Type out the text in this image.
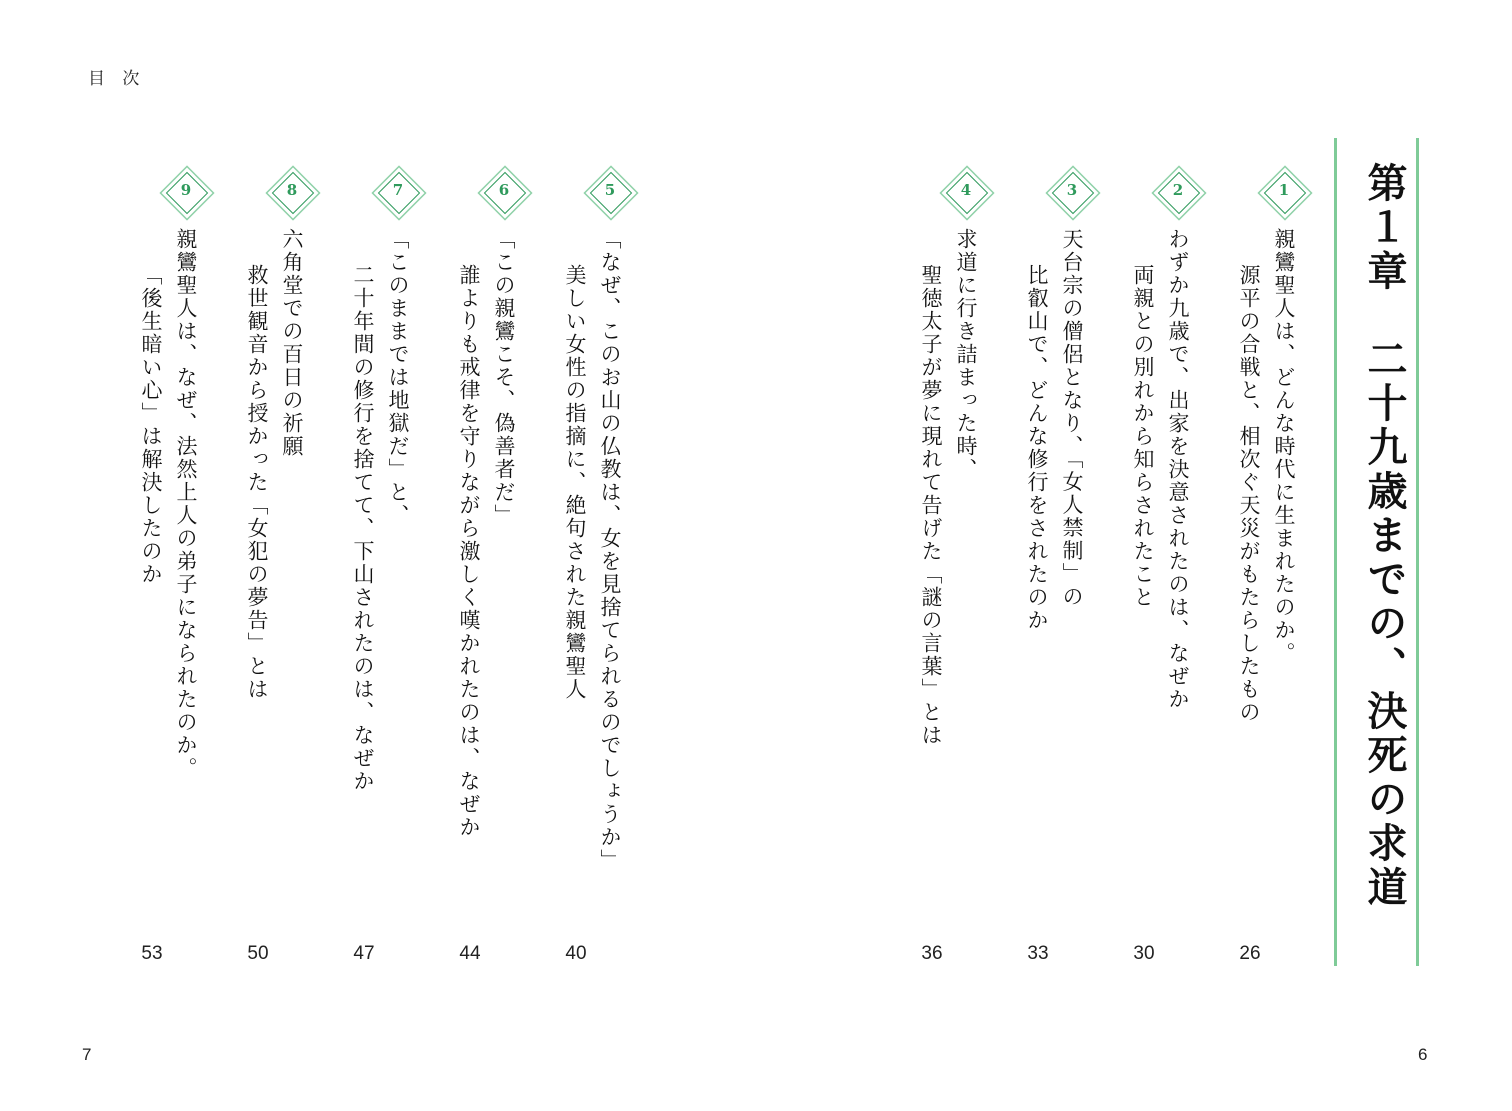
目 次
第１章　二十九歳までの、決死の求道
1
親鸞聖人は、どんな時代に生まれたのか。
源平の合戦と、相次ぐ天災がもたらしたもの
26
2
わずか九歳で、出家を決意されたのは、なぜか
両親との別れから知らされたこと
30
3
天台宗の僧侶となり、「女人禁制」の
比叡山で、どんな修行をされたのか
33
4
求道に行き詰まった時、
聖徳太子が夢に現れて告げた「謎の言葉」とは
36
5
「なぜ、このお山の仏教は、女を見捨てられるのでしょうか」
美しい女性の指摘に、絶句された親鸞聖人
40
6
「この親鸞こそ、偽善者だ」
誰よりも戒律を守りながら激しく嘆かれたのは、なぜか
44
7
「このままでは地獄だ」と、
二十年間の修行を捨てて、下山されたのは、なぜか
47
8
六角堂での百日の祈願
救世観音から授かった「女犯の夢告」とは
50
9
親鸞聖人は、なぜ、法然上人の弟子になられたのか。
「後生暗い心」は解決したのか
53
7	6
